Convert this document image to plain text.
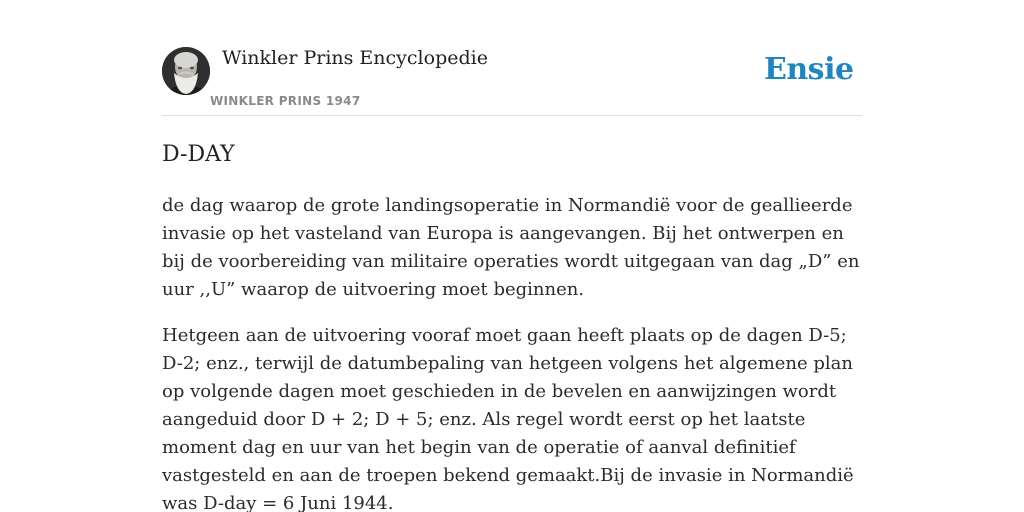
Winkler Prins Encyclopedie
WINKLER PRINS 1947
Ensie
D-DAY

de dag waarop de grote landingsoperatie in Normandië voor de geallieerde invasie op het vasteland van Europa is aangevangen. Bij het ontwerpen en bij de voorbereiding van militaire operaties wordt uitgegaan van dag „D” en uur ,,U” waarop de uitvoering moet beginnen.

Hetgeen aan de uitvoering vooraf moet gaan heeft plaats op de dagen D-5; D-2; enz., terwijl de datumbepaling van hetgeen volgens het algemene plan op volgende dagen moet geschieden in de bevelen en aanwijzingen wordt aangeduid door D + 2; D + 5; enz. Als regel wordt eerst op het laatste moment dag en uur van het begin van de operatie of aanval definitief vastgesteld en aan de troepen bekend gemaakt.Bij de invasie in Normandië was D-day = 6 Juni 1944.
